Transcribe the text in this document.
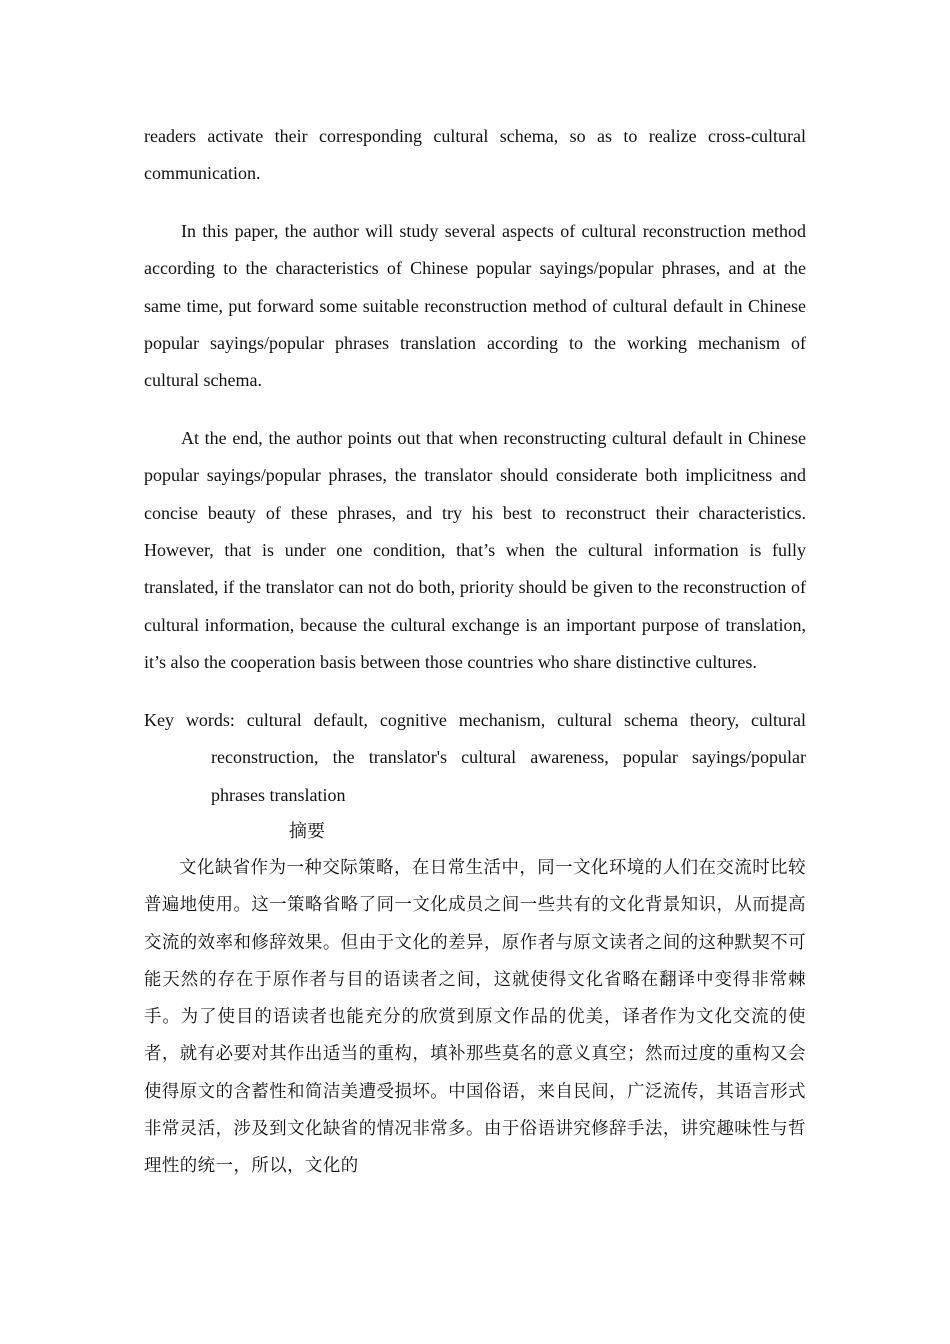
readers activate their corresponding cultural schema, so as to realize cross-cultural communication.

In this paper, the author will study several aspects of cultural reconstruction method according to the characteristics of Chinese popular sayings/popular phrases, and at the same time, put forward some suitable reconstruction method of cultural default in Chinese popular sayings/popular phrases translation according to the working mechanism of cultural schema.

At the end, the author points out that when reconstructing cultural default in Chinese popular sayings/popular phrases, the translator should considerate both implicitness and concise beauty of these phrases, and try his best to reconstruct their characteristics. However, that is under one condition, that’s when the cultural information is fully translated, if the translator can not do both, priority should be given to the reconstruction of cultural information, because the cultural exchange is an important purpose of translation, it’s also the cooperation basis between those countries who share distinctive cultures.

Key words: cultural default, cognitive mechanism, cultural schema theory, cultural reconstruction, the translator's cultural awareness, popular sayings/popular phrases translation

摘要

文化缺省作为一种交际策略，在日常生活中，同一文化环境的人们在交流时比较普遍地使用。这一策略省略了同一文化成员之间一些共有的文化背景知识，从而提高交流的效率和修辞效果。但由于文化的差异，原作者与原文读者之间的这种默契不可能天然的存在于原作者与目的语读者之间，这就使得文化省略在翻译中变得非常棘手。为了使目的语读者也能充分的欣赏到原文作品的优美，译者作为文化交流的使者，就有必要对其作出适当的重构，填补那些莫名的意义真空；然而过度的重构又会使得原文的含蓄性和简洁美遭受损坏。中国俗语，来自民间，广泛流传，其语言形式非常灵活，涉及到文化缺省的情况非常多。由于俗语讲究修辞手法，讲究趣味性与哲理性的统一，所以，文化的
